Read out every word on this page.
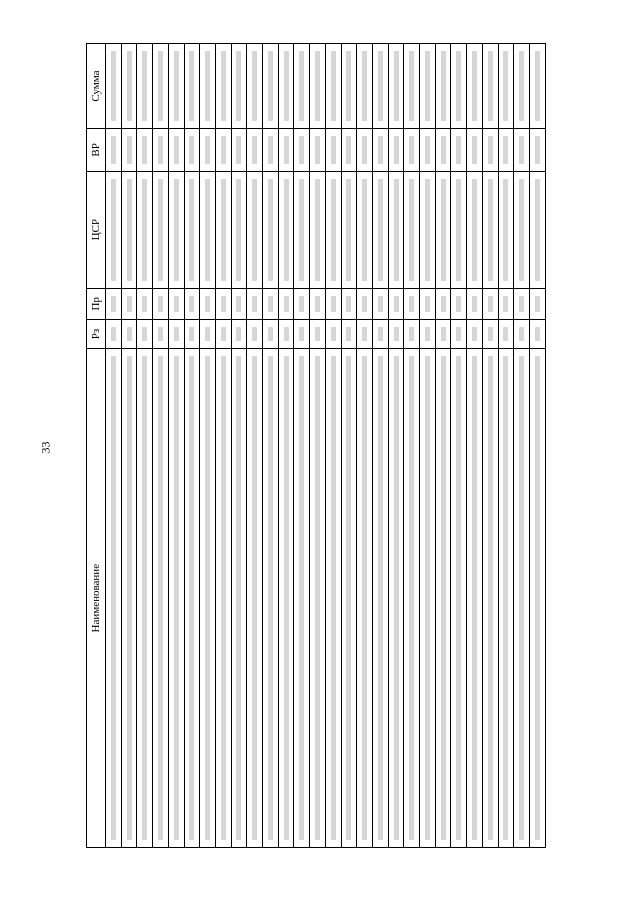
33
Наименование	Рз	Пр	ЦСР	ВР	Сумма
